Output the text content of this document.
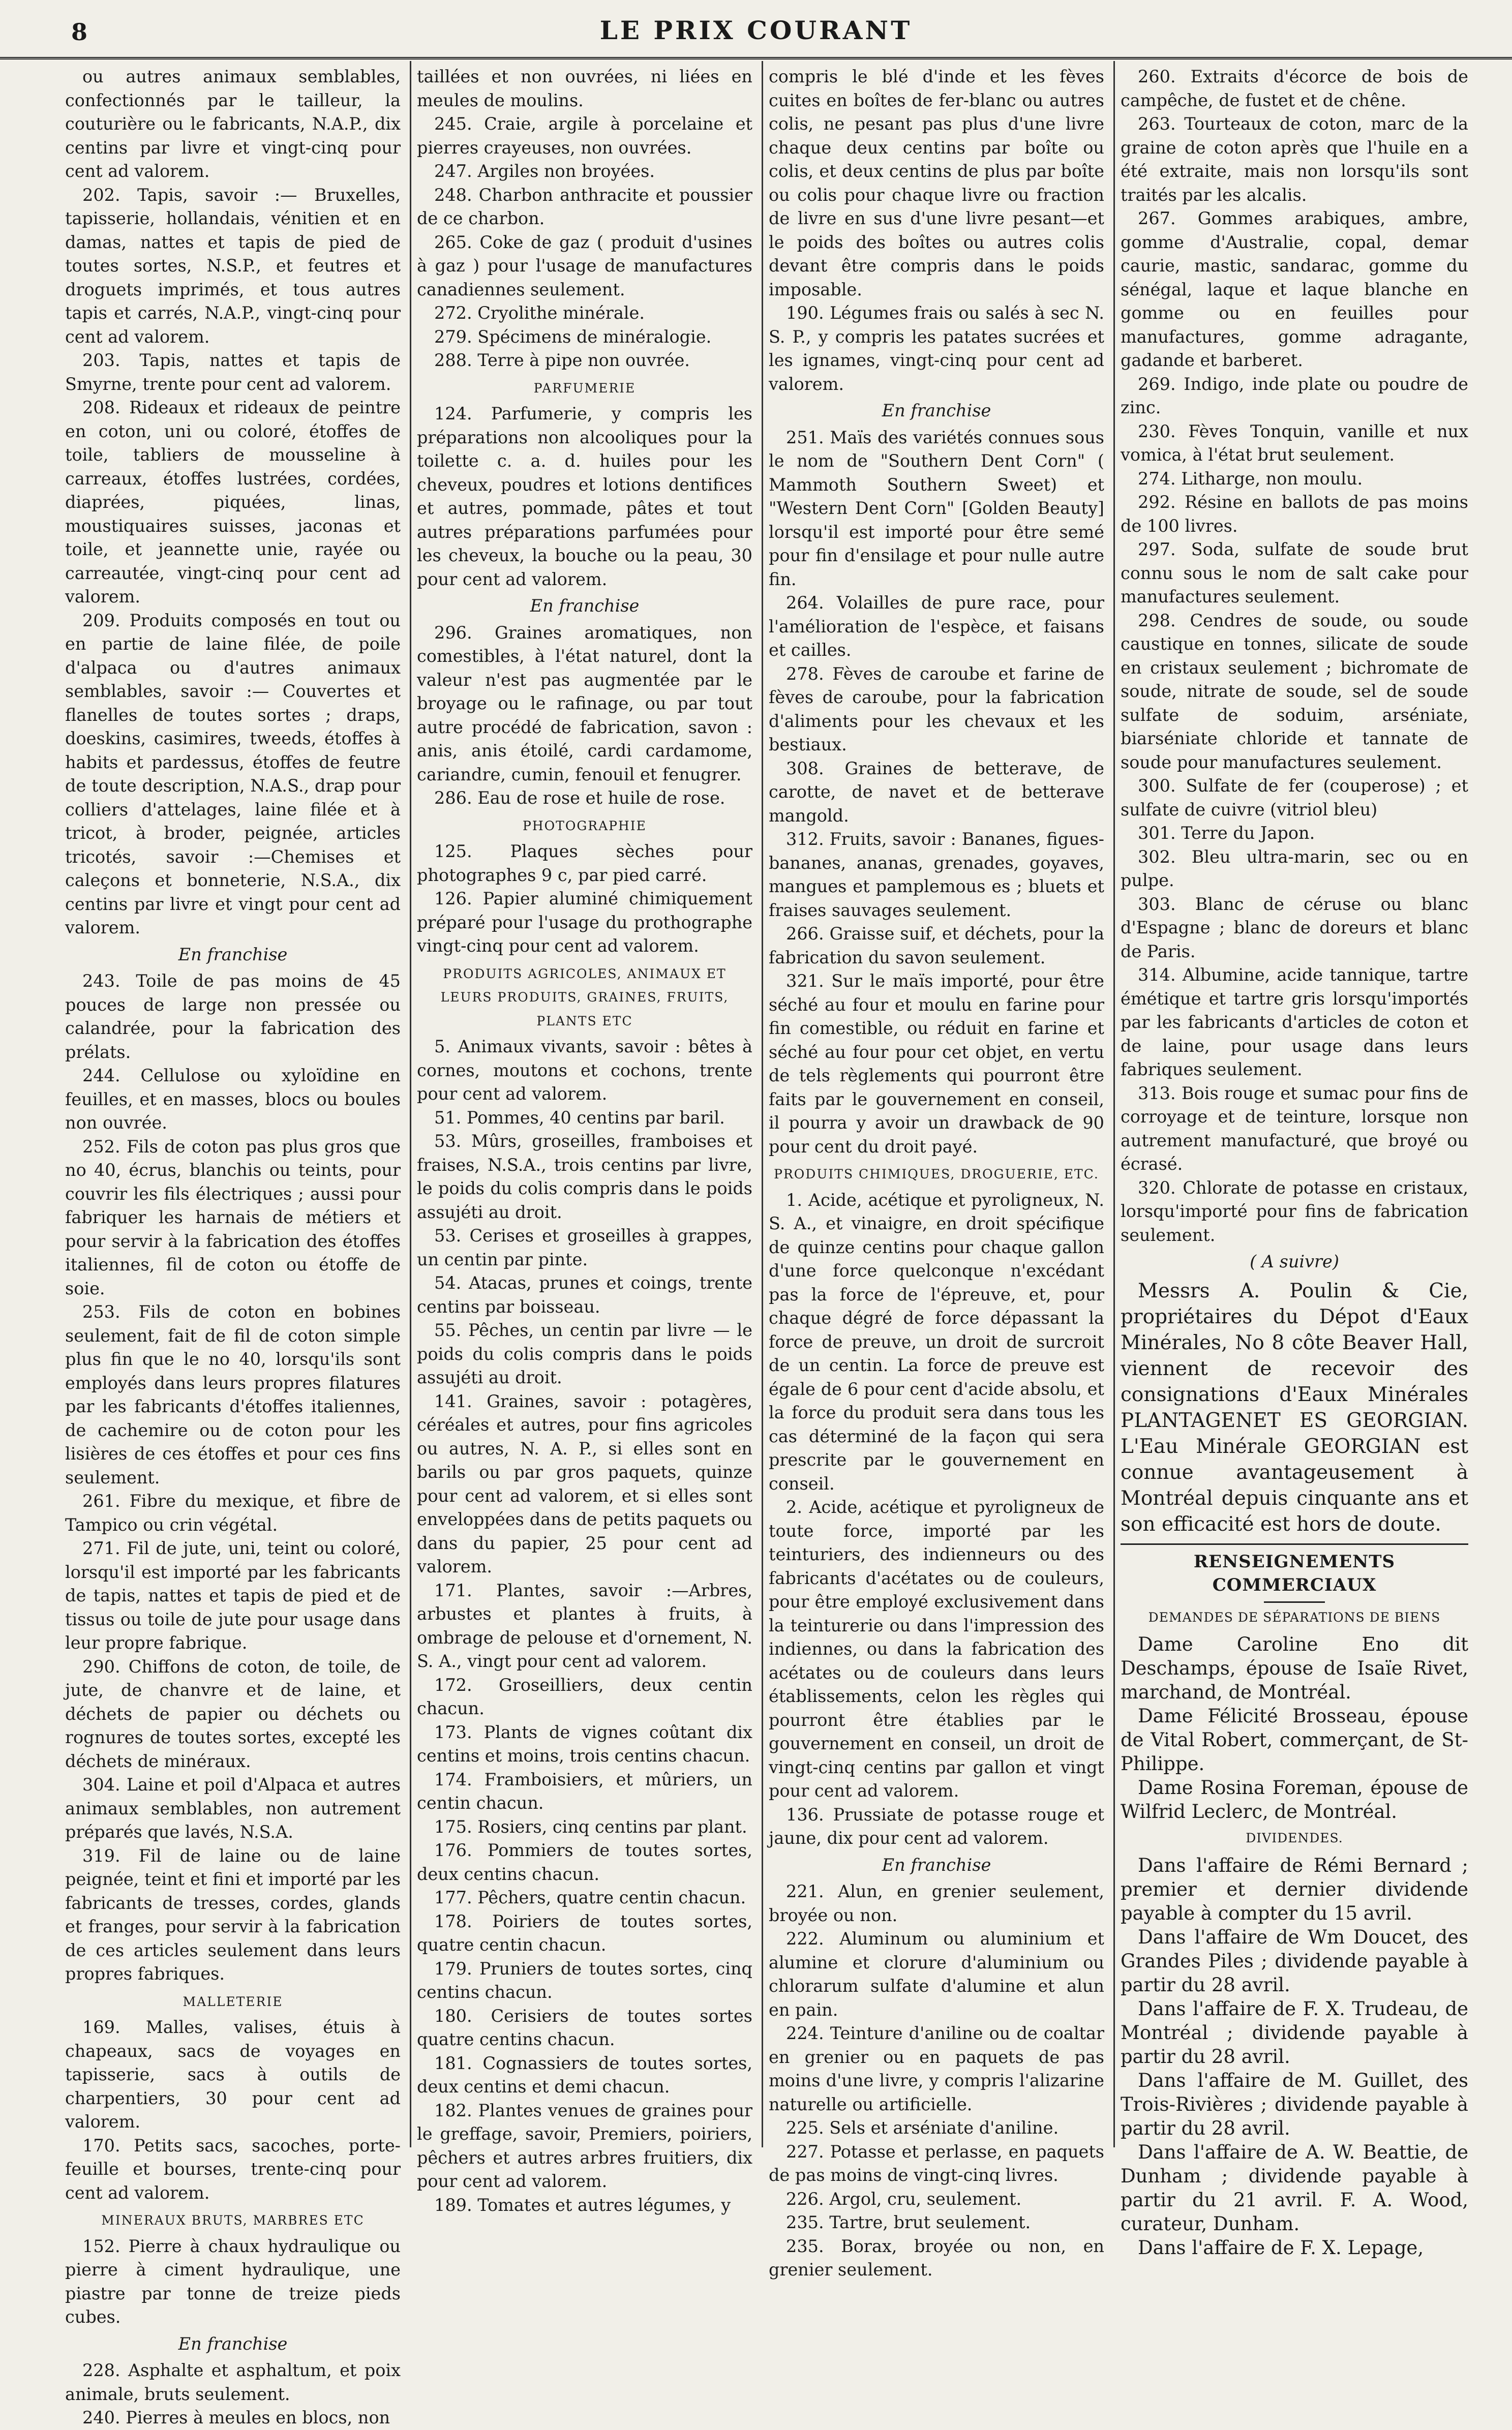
8	LE PRIX COURANT

ou autres animaux semblables, confectionnés par le tailleur, la couturière ou le fabricants, N.A.P., dix centins par livre et vingt-cinq pour cent ad valorem.

202. Tapis, savoir :— Bruxelles, tapisserie, hollandais, vénitien et en damas, nattes et tapis de pied de toutes sortes, N.S.P., et feutres et droguets imprimés, et tous autres tapis et carrés, N.A.P., vingt-cinq pour cent ad valorem.

203. Tapis, nattes et tapis de Smyrne, trente pour cent ad valorem.

208. Rideaux et rideaux de peintre en coton, uni ou coloré, étoffes de toile, tabliers de mousseline à carreaux, étoffes lustrées, cordées, diaprées, piquées, linas, moustiquaires suisses, jaconas et toile, et jeannette unie, rayée ou carreautée, vingt-cinq pour cent ad valorem.

209. Produits composés en tout ou en partie de laine filée, de poile d'alpaca ou d'autres animaux semblables, savoir :— Couvertes et flanelles de toutes sortes ; draps, doeskins, casimires, tweeds, étoffes à habits et pardessus, étoffes de feutre de toute description, N.A.S., drap pour colliers d'attelages, laine filée et à tricot, à broder, peignée, articles tricotés, savoir :—Chemises et caleçons et bonneterie, N.S.A., dix centins par livre et vingt pour cent ad valorem.

En franchise

243. Toile de pas moins de 45 pouces de large non pressée ou calandrée, pour la fabrication des prélats.

244. Cellulose ou xyloïdine en feuilles, et en masses, blocs ou boules non ouvrée.

252. Fils de coton pas plus gros que no 40, écrus, blanchis ou teints, pour couvrir les fils électriques ; aussi pour fabriquer les harnais de métiers et pour servir à la fabrication des étoffes italiennes, fil de coton ou étoffe de soie.

253. Fils de coton en bobines seulement, fait de fil de coton simple plus fin que le no 40, lorsqu'ils sont employés dans leurs propres filatures par les fabricants d'étoffes italiennes, de cachemire ou de coton pour les lisières de ces étoffes et pour ces fins seulement.

261. Fibre du mexique, et fibre de Tampico ou crin végétal.

271. Fil de jute, uni, teint ou coloré, lorsqu'il est importé par les fabricants de tapis, nattes et tapis de pied et de tissus ou toile de jute pour usage dans leur propre fabrique.

290. Chiffons de coton, de toile, de jute, de chanvre et de laine, et déchets de papier ou déchets ou rognures de toutes sortes, excepté les déchets de minéraux.

304. Laine et poil d'Alpaca et autres animaux semblables, non autrement préparés que lavés, N.S.A.

319. Fil de laine ou de laine peignée, teint et fini et importé par les fabricants de tresses, cordes, glands et franges, pour servir à la fabrication de ces articles seulement dans leurs propres fabriques.

MALLETERIE

169. Malles, valises, étuis à chapeaux, sacs de voyages en tapisserie, sacs à outils de charpentiers, 30 pour cent ad valorem.

170. Petits sacs, sacoches, porte-feuille et bourses, trente-cinq pour cent ad valorem.

MINERAUX BRUTS, MARBRES ETC

152. Pierre à chaux hydraulique ou pierre à ciment hydraulique, une piastre par tonne de treize pieds cubes.

En franchise

228. Asphalte et asphaltum, et poix animale, bruts seulement.

240. Pierres à meules en blocs, non

taillées et non ouvrées, ni liées en meules de moulins.

245. Craie, argile à porcelaine et pierres crayeuses, non ouvrées.

247. Argiles non broyées.

248. Charbon anthracite et poussier de ce charbon.

265. Coke de gaz ( produit d'usines à gaz ) pour l'usage de manufactures canadiennes seulement.

272. Cryolithe minérale.

279. Spécimens de minéralogie.

288. Terre à pipe non ouvrée.

PARFUMERIE

124. Parfumerie, y compris les préparations non alcooliques pour la toilette c. a. d. huiles pour les cheveux, poudres et lotions dentifices et autres, pommade, pâtes et tout autres préparations parfumées pour les cheveux, la bouche ou la peau, 30 pour cent ad valorem.

En franchise

296. Graines aromatiques, non comestibles, à l'état naturel, dont la valeur n'est pas augmentée par le broyage ou le rafinage, ou par tout autre procédé de fabrication, savon : anis, anis étoilé, cardi cardamome, cariandre, cumin, fenouil et fenugrer.

286. Eau de rose et huile de rose.

PHOTOGRAPHIE

125. Plaques sèches pour photographes 9 c, par pied carré.

126. Papier aluminé chimiquement préparé pour l'usage du prothographe vingt-cinq pour cent ad valorem.

PRODUITS AGRICOLES, ANIMAUX ET LEURS PRODUITS, GRAINES, FRUITS, PLANTS ETC

5. Animaux vivants, savoir : bêtes à cornes, moutons et cochons, trente pour cent ad valorem.

51. Pommes, 40 centins par baril.

53. Mûrs, groseilles, framboises et fraises, N.S.A., trois centins par livre, le poids du colis compris dans le poids assujéti au droit.

53. Cerises et groseilles à grappes, un centin par pinte.

54. Atacas, prunes et coings, trente centins par boisseau.

55. Pêches, un centin par livre — le poids du colis compris dans le poids assujéti au droit.

141. Graines, savoir : potagères, céréales et autres, pour fins agricoles ou autres, N. A. P., si elles sont en barils ou par gros paquets, quinze pour cent ad valorem, et si elles sont enveloppées dans de petits paquets ou dans du papier, 25 pour cent ad valorem.

171. Plantes, savoir :—Arbres, arbustes et plantes à fruits, à ombrage de pelouse et d'ornement, N. S. A., vingt pour cent ad valorem.

172. Groseilliers, deux centin chacun.

173. Plants de vignes coûtant dix centins et moins, trois centins chacun.

174. Framboisiers, et mûriers, un centin chacun.

175. Rosiers, cinq centins par plant.

176. Pommiers de toutes sortes, deux centins chacun.

177. Pêchers, quatre centin chacun.

178. Poiriers de toutes sortes, quatre centin chacun.

179. Pruniers de toutes sortes, cinq centins chacun.

180. Cerisiers de toutes sortes quatre centins chacun.

181. Cognassiers de toutes sortes, deux centins et demi chacun.

182. Plantes venues de graines pour le greffage, savoir, Premiers, poiriers, pêchers et autres arbres fruitiers, dix pour cent ad valorem.

189. Tomates et autres légumes, y

compris le blé d'inde et les fèves cuites en boîtes de fer-blanc ou autres colis, ne pesant pas plus d'une livre chaque deux centins par boîte ou colis, et deux centins de plus par boîte ou colis pour chaque livre ou fraction de livre en sus d'une livre pesant—et le poids des boîtes ou autres colis devant être compris dans le poids imposable.

190. Légumes frais ou salés à sec N. S. P., y compris les patates sucrées et les ignames, vingt-cinq pour cent ad valorem.

En franchise

251. Maïs des variétés connues sous le nom de "Southern Dent Corn" ( Mammoth Southern Sweet) et "Western Dent Corn" [Golden Beauty] lorsqu'il est importé pour être semé pour fin d'ensilage et pour nulle autre fin.

264. Volailles de pure race, pour l'amélioration de l'espèce, et faisans et cailles.

278. Fèves de caroube et farine de fèves de caroube, pour la fabrication d'aliments pour les chevaux et les bestiaux.

308. Graines de betterave, de carotte, de navet et de betterave mangold.

312. Fruits, savoir : Bananes, figues-bananes, ananas, grenades, goyaves, mangues et pamplemous es ; bluets et fraises sauvages seulement.

266. Graisse suif, et déchets, pour la fabrication du savon seulement.

321. Sur le maïs importé, pour être séché au four et moulu en farine pour fin comestible, ou réduit en farine et séché au four pour cet objet, en vertu de tels règlements qui pourront être faits par le gouvernement en conseil, il pourra y avoir un drawback de 90 pour cent du droit payé.

PRODUITS CHIMIQUES, DROGUERIE, ETC.

1. Acide, acétique et pyroligneux, N. S. A., et vinaigre, en droit spécifique de quinze centins pour chaque gallon d'une force quelconque n'excédant pas la force de l'épreuve, et, pour chaque dégré de force dépassant la force de preuve, un droit de surcroit de un centin. La force de preuve est égale de 6 pour cent d'acide absolu, et la force du produit sera dans tous les cas déterminé de la façon qui sera prescrite par le gouvernement en conseil.

2. Acide, acétique et pyroligneux de toute force, importé par les teinturiers, des indienneurs ou des fabricants d'acétates ou de couleurs, pour être employé exclusivement dans la teinturerie ou dans l'impression des indiennes, ou dans la fabrication des acétates ou de couleurs dans leurs établissements, celon les règles qui pourront être établies par le gouvernement en conseil, un droit de vingt-cinq centins par gallon et vingt pour cent ad valorem.

136. Prussiate de potasse rouge et jaune, dix pour cent ad valorem.

En franchise

221. Alun, en grenier seulement, broyée ou non.

222. Aluminum ou aluminium et alumine et clorure d'aluminium ou chlorarum sulfate d'alumine et alun en pain.

224. Teinture d'aniline ou de coaltar en grenier ou en paquets de pas moins d'une livre, y compris l'alizarine naturelle ou artificielle.

225. Sels et arséniate d'aniline.

227. Potasse et perlasse, en paquets de pas moins de vingt-cinq livres.

226. Argol, cru, seulement.

235. Tartre, brut seulement.

235. Borax, broyée ou non, en grenier seulement.

260. Extraits d'écorce de bois de campêche, de fustet et de chêne.

263. Tourteaux de coton, marc de la graine de coton après que l'huile en a été extraite, mais non lorsqu'ils sont traités par les alcalis.

267. Gommes arabiques, ambre, gomme d'Australie, copal, demar caurie, mastic, sandarac, gomme du sénégal, laque et laque blanche en gomme ou en feuilles pour manufactures, gomme adragante, gadande et barberet.

269. Indigo, inde plate ou poudre de zinc.

230. Fèves Tonquin, vanille et nux vomica, à l'état brut seulement.

274. Litharge, non moulu.

292. Résine en ballots de pas moins de 100 livres.

297. Soda, sulfate de soude brut connu sous le nom de salt cake pour manufactures seulement.

298. Cendres de soude, ou soude caustique en tonnes, silicate de soude en cristaux seulement ; bichromate de soude, nitrate de soude, sel de soude sulfate de soduim, arséniate, biarséniate chloride et tannate de soude pour manufactures seulement.

300. Sulfate de fer (couperose) ; et sulfate de cuivre (vitriol bleu)

301. Terre du Japon.

302. Bleu ultra-marin, sec ou en pulpe.

303. Blanc de céruse ou blanc d'Espagne ; blanc de doreurs et blanc de Paris.

314. Albumine, acide tannique, tartre émétique et tartre gris lorsqu'importés par les fabricants d'articles de coton et de laine, pour usage dans leurs fabriques seulement.

313. Bois rouge et sumac pour fins de corroyage et de teinture, lorsque non autrement manufacturé, que broyé ou écrasé.

320. Chlorate de potasse en cristaux, lorsqu'importé pour fins de fabrication seulement.

( A suivre)

Messrs A. Poulin & Cie, propriétaires du Dépot d'Eaux Minérales, No 8 côte Beaver Hall, viennent de recevoir des consignations d'Eaux Minérales PLANTAGENET ES GEORGIAN. L'Eau Minérale GEORGIAN est connue avantageusement à Montréal depuis cinquante ans et son efficacité est hors de doute.

RENSEIGNEMENTS COMMERCIAUX
DEMANDES DE SÉPARATIONS DE BIENS

Dame Caroline Eno dit Deschamps, épouse de Isaïe Rivet, marchand, de Montréal.

Dame Félicité Brosseau, épouse de Vital Robert, commerçant, de St-Philippe.

Dame Rosina Foreman, épouse de Wilfrid Leclerc, de Montréal.

DIVIDENDES.

Dans l'affaire de Rémi Bernard ; premier et dernier dividende payable à compter du 15 avril.

Dans l'affaire de Wm Doucet, des Grandes Piles ; dividende payable à partir du 28 avril.

Dans l'affaire de F. X. Trudeau, de Montréal ; dividende payable à partir du 28 avril.

Dans l'affaire de M. Guillet, des Trois-Rivières ; dividende payable à partir du 28 avril.

Dans l'affaire de A. W. Beattie, de Dunham ; dividende payable à partir du 21 avril. F. A. Wood, curateur, Dunham.

Dans l'affaire de F. X. Lepage,
